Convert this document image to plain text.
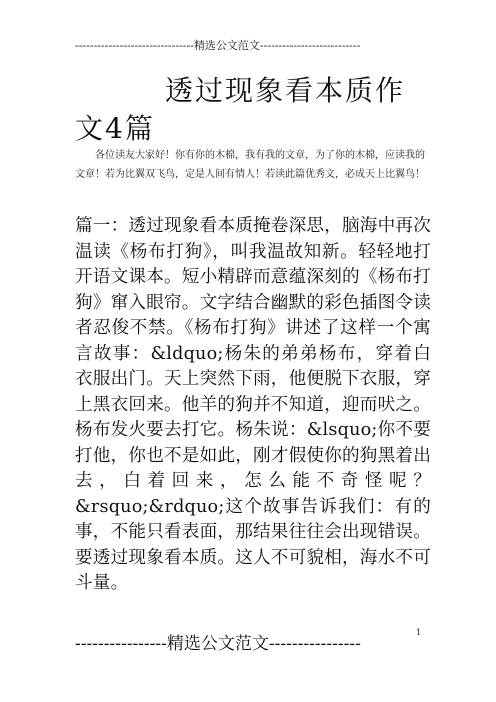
--------------------------------精选公文范文---------------------------
透过现象看本质作文4篇
各位读友大家好！你有你的木棉，我有我的文章，为了你的木棉，应读我的文章！若为比翼双飞鸟，定是人间有情人！若读此篇优秀文，必成天上比翼鸟！
篇一：透过现象看本质掩卷深思，脑海中再次温读《杨布打狗》，叫我温故知新。轻轻地打开语文课本。短小精辟而意蕴深刻的《杨布打狗》窜入眼帘。文字结合幽默的彩色插图令读者忍俊不禁。《杨布打狗》讲述了这样一个寓言故事：&ldquo;杨朱的弟弟杨布，穿着白衣服出门。天上突然下雨，他便脱下衣服，穿上黑衣回来。他羊的狗并不知道，迎而吠之。杨布发火要去打它。杨朱说：&lsquo;你不要打他，你也不是如此，刚才假使你的狗黑着出去，白着回来，怎么能不奇怪呢？&rsquo;&rdquo;这个故事告诉我们：有的事，不能只看表面，那结果往往会出现错误。要透过现象看本质。这人不可貌相，海水不可斗量。
----------------精选公文范文----------------
1
